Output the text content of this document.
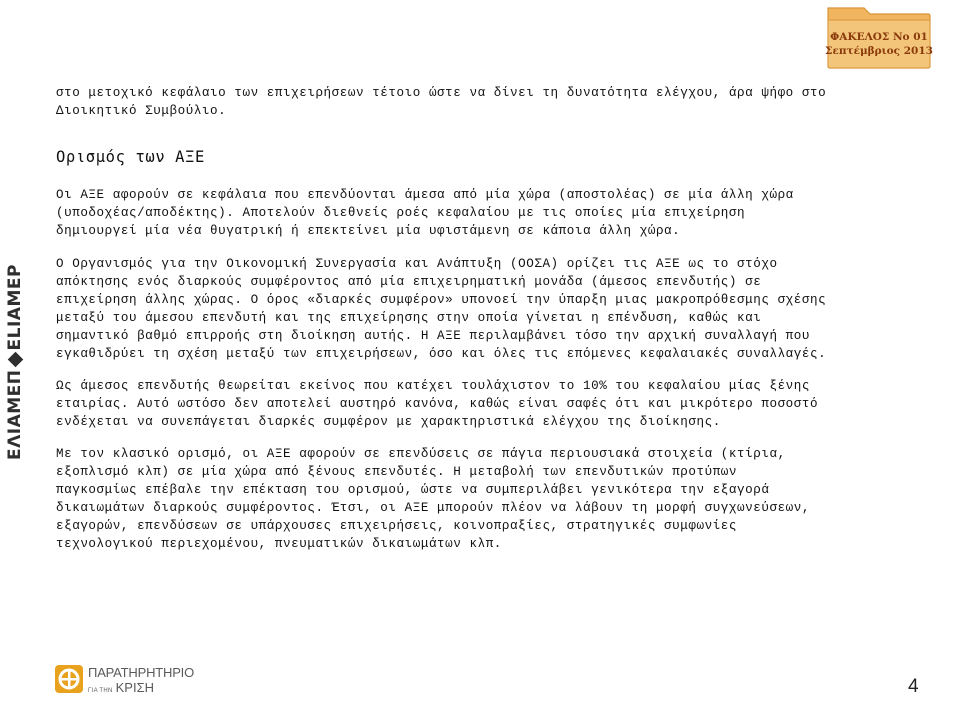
ΦΑΚΕΛΟΣ Νο 01
Σεπτέμβριος 2013
ΕΛΙΑΜΕΠ
ELIAMEP

στο μετοχικό κεφάλαιο των επιχειρήσεων τέτοιο ώστε να δίνει τη δυνατότητα ελέγχου, άρα ψήφο στο
Διοικητικό Συμβούλιο.

Ορισμός των ΑΞΕ

Οι ΑΞΕ αφορούν σε κεφάλαια που επενδύονται άμεσα από μία χώρα (αποστολέας) σε μία άλλη χώρα
(υποδοχέας/αποδέκτης). Αποτελούν διεθνείς ροές κεφαλαίου με τις οποίες μία επιχείρηση
δημιουργεί μία νέα θυγατρική ή επεκτείνει μία υφιστάμενη σε κάποια άλλη χώρα.

Ο Οργανισμός για την Οικονομική Συνεργασία και Ανάπτυξη (ΟΟΣΑ) ορίζει τις ΑΞΕ ως το στόχο
απόκτησης ενός διαρκούς συμφέροντος από μία επιχειρηματική μονάδα (άμεσος επενδυτής) σε
επιχείρηση άλλης χώρας. Ο όρος «διαρκές συμφέρον» υπονοεί την ύπαρξη μιας μακροπρόθεσμης σχέσης
μεταξύ του άμεσου επενδυτή και της επιχείρησης στην οποία γίνεται η επένδυση, καθώς και
σημαντικό βαθμό επιρροής στη διοίκηση αυτής. Η ΑΞΕ περιλαμβάνει τόσο την αρχική συναλλαγή που
εγκαθιδρύει τη σχέση μεταξύ των επιχειρήσεων, όσο και όλες τις επόμενες κεφαλαιακές συναλλαγές.

Ως άμεσος επενδυτής θεωρείται εκείνος που κατέχει τουλάχιστον το 10% του κεφαλαίου μίας ξένης
εταιρίας. Αυτό ωστόσο δεν αποτελεί αυστηρό κανόνα, καθώς είναι σαφές ότι και μικρότερο ποσοστό
ενδέχεται να συνεπάγεται διαρκές συμφέρον με χαρακτηριστικά ελέγχου της διοίκησης.

Με τον κλασικό ορισμό, οι ΑΞΕ αφορούν σε επενδύσεις σε πάγια περιουσιακά στοιχεία (κτίρια,
εξοπλισμό κλπ) σε μία χώρα από ξένους επενδυτές. Η μεταβολή των επενδυτικών προτύπων
παγκοσμίως επέβαλε την επέκταση του ορισμού, ώστε να συμπεριλάβει γενικότερα την εξαγορά
δικαιωμάτων διαρκούς συμφέροντος. Έτσι, οι ΑΞΕ μπορούν πλέον να λάβουν τη μορφή συγχωνεύσεων,
εξαγορών, επενδύσεων σε υπάρχουσες επιχειρήσεις, κοινοπραξίες, στρατηγικές συμφωνίες
τεχνολογικού περιεχομένου, πνευματικών δικαιωμάτων κλπ.

ΠΑΡΑΤΗΡΗΤΗΡΙΟ
ΓΙΑ ΤΗΝ ΚΡΙΣΗ	4
